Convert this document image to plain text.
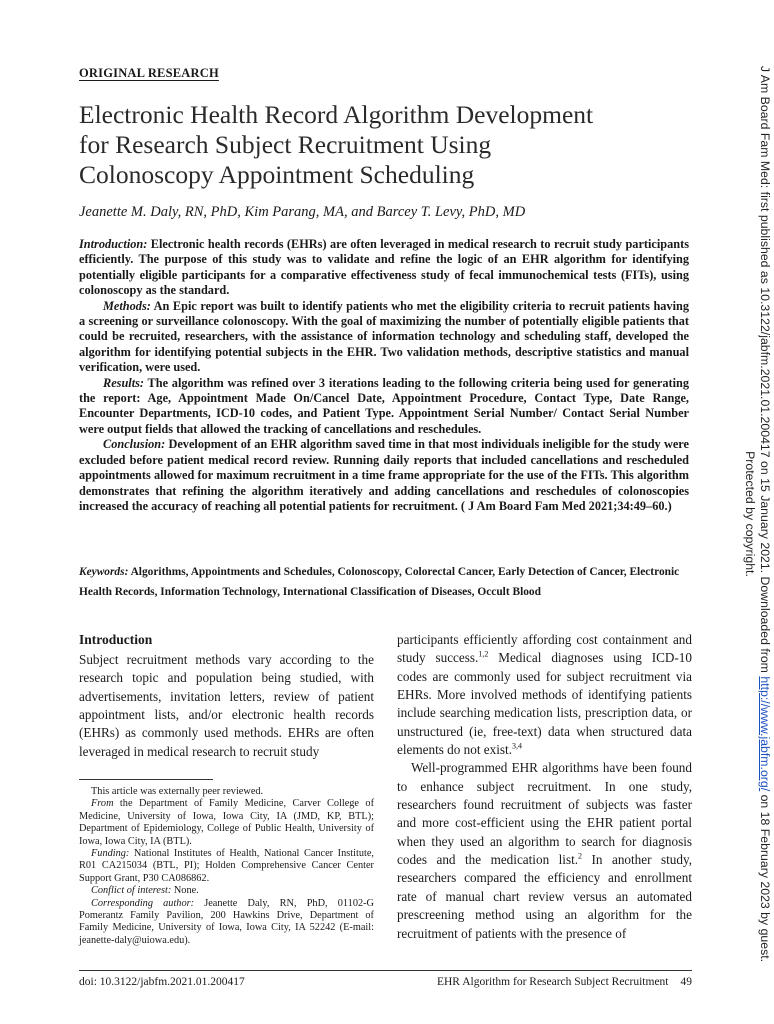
ORIGINAL RESEARCH
Electronic Health Record Algorithm Development
for Research Subject Recruitment Using
Colonoscopy Appointment Scheduling
Jeanette M. Daly, RN, PhD, Kim Parang, MA, and Barcey T. Levy, PhD, MD

Introduction: Electronic health records (EHRs) are often leveraged in medical research to recruit study participants efficiently. The purpose of this study was to validate and refine the logic of an EHR algorithm for identifying potentially eligible participants for a comparative effectiveness study of fecal immunochemical tests (FITs), using colonoscopy as the standard.

Methods: An Epic report was built to identify patients who met the eligibility criteria to recruit patients having a screening or surveillance colonoscopy. With the goal of maximizing the number of potentially eligible patients that could be recruited, researchers, with the assistance of information technology and scheduling staff, developed the algorithm for identifying potential subjects in the EHR. Two validation methods, descriptive statistics and manual verification, were used.

Results: The algorithm was refined over 3 iterations leading to the following criteria being used for generating the report: Age, Appointment Made On/Cancel Date, Appointment Procedure, Contact Type, Date Range, Encounter Departments, ICD-10 codes, and Patient Type. Appointment Serial Number/ Contact Serial Number were output fields that allowed the tracking of cancellations and reschedules.

Conclusion: Development of an EHR algorithm saved time in that most individuals ineligible for the study were excluded before patient medical record review. Running daily reports that included cancellations and rescheduled appointments allowed for maximum recruitment in a time frame appropriate for the use of the FITs. This algorithm demonstrates that refining the algorithm iteratively and adding cancellations and reschedules of colonoscopies increased the accuracy of reaching all potential patients for recruitment. ( J Am Board Fam Med 2021;34:49–60.)

Keywords: Algorithms, Appointments and Schedules, Colonoscopy, Colorectal Cancer, Early Detection of Cancer, Electronic Health Records, Information Technology, International Classification of Diseases, Occult Blood
Introduction

Subject recruitment methods vary according to the research topic and population being studied, with advertisements, invitation letters, review of patient appointment lists, and/or electronic health records (EHRs) as commonly used methods. EHRs are often leveraged in medical research to recruit study

participants efficiently affording cost containment and study success.$^{1,2}$ Medical diagnoses using ICD-10 codes are commonly used for subject recruitment via EHRs. More involved methods of identifying patients include searching medication lists, prescription data, or unstructured (ie, free-text) data when structured data elements do not exist.$^{3,4}$

Well-programmed EHR algorithms have been found to enhance subject recruitment. In one study, researchers found recruitment of subjects was faster and more cost-efficient using the EHR patient portal when they used an algorithm to search for diagnosis codes and the medication list.$^2$ In another study, researchers compared the efficiency and enrollment rate of manual chart review versus an automated prescreening method using an algorithm for the recruitment of patients with the presence of

This article was externally peer reviewed.

From the Department of Family Medicine, Carver College of Medicine, University of Iowa, Iowa City, IA (JMD, KP, BTL); Department of Epidemiology, College of Public Health, University of Iowa, Iowa City, IA (BTL).

Funding: National Institutes of Health, National Cancer Institute, R01 CA215034 (BTL, PI); Holden Comprehensive Cancer Center Support Grant, P30 CA086862.

Conflict of interest: None.

Corresponding author: Jeanette Daly, RN, PhD, 01102-G Pomerantz Family Pavilion, 200 Hawkins Drive, Department of Family Medicine, University of Iowa, Iowa City, IA 52242 (E-mail: jeanette-daly@uiowa.edu).

doi: 10.3122/jabfm.2021.01.200417	EHR Algorithm for Research Subject Recruitment 49
J Am Board Fam Med: first published as 10.3122/jabfm.2021.01.200417 on 15 January 2021. Downloaded from http://www.jabfm.org/ on 18 February 2023 by guest. Protected by copyright.
